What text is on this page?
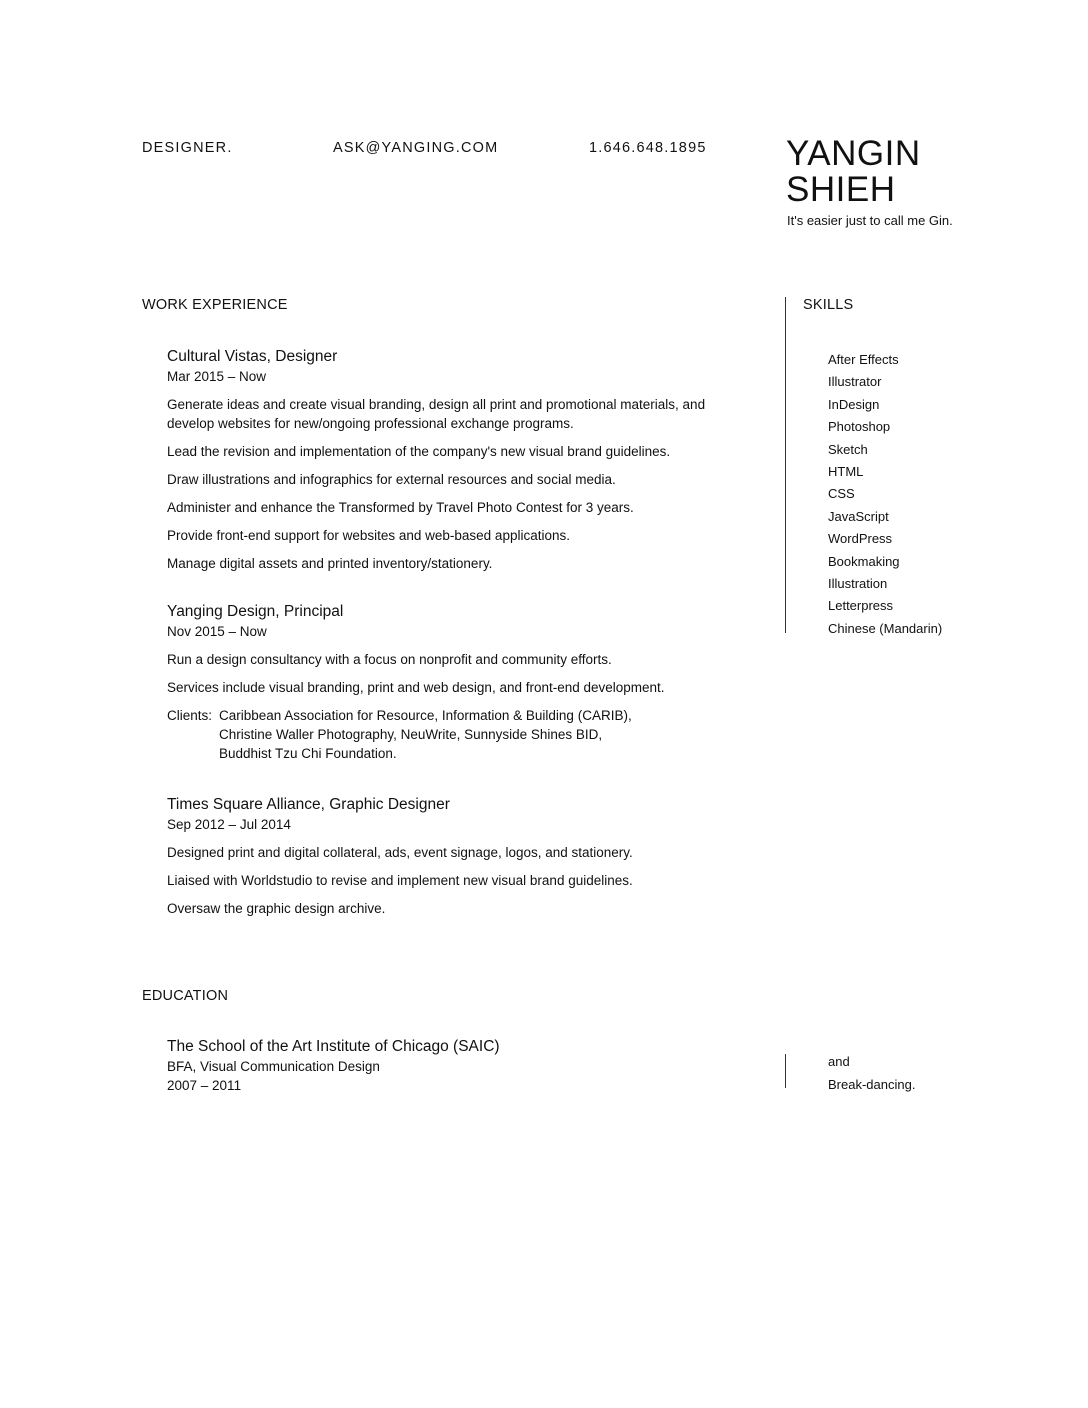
DESIGNER.	ASK@YANGING.COM	1.646.648.1895 YANGIN
SHIEH
It's easier just to call me Gin.
WORK EXPERIENCE
Cultural Vistas, Designer
Mar 2015 – Now

Generate ideas and create visual branding, design all print and promotional materials, and develop websites for new/ongoing professional exchange programs.

Lead the revision and implementation of the company's new visual brand guidelines.

Draw illustrations and infographics for external resources and social media.

Administer and enhance the Transformed by Travel Photo Contest for 3 years.

Provide front-end support for websites and web-based applications.

Manage digital assets and printed inventory/stationery.

Yanging Design, Principal
Nov 2015 – Now

Run a design consultancy with a focus on nonprofit and community efforts.

Services include visual branding, print and web design, and front-end development.

Clients: Caribbean Association for Resource, Information & Building (CARIB),
Christine Waller Photography, NeuWrite, Sunnyside Shines BID,
Buddhist Tzu Chi Foundation.
Times Square Alliance, Graphic Designer
Sep 2012 – Jul 2014

Designed print and digital collateral, ads, event signage, logos, and stationery.

Liaised with Worldstudio to revise and implement new visual brand guidelines.

Oversaw the graphic design archive.

EDUCATION
The School of the Art Institute of Chicago (SAIC)
BFA, Visual Communication Design
2007 – 2011
SKILLS
After Effects
Illustrator
InDesign
Photoshop
Sketch
HTML
CSS
JavaScript
WordPress
Bookmaking
Illustration
Letterpress
Chinese (Mandarin)
and
Break-dancing.
